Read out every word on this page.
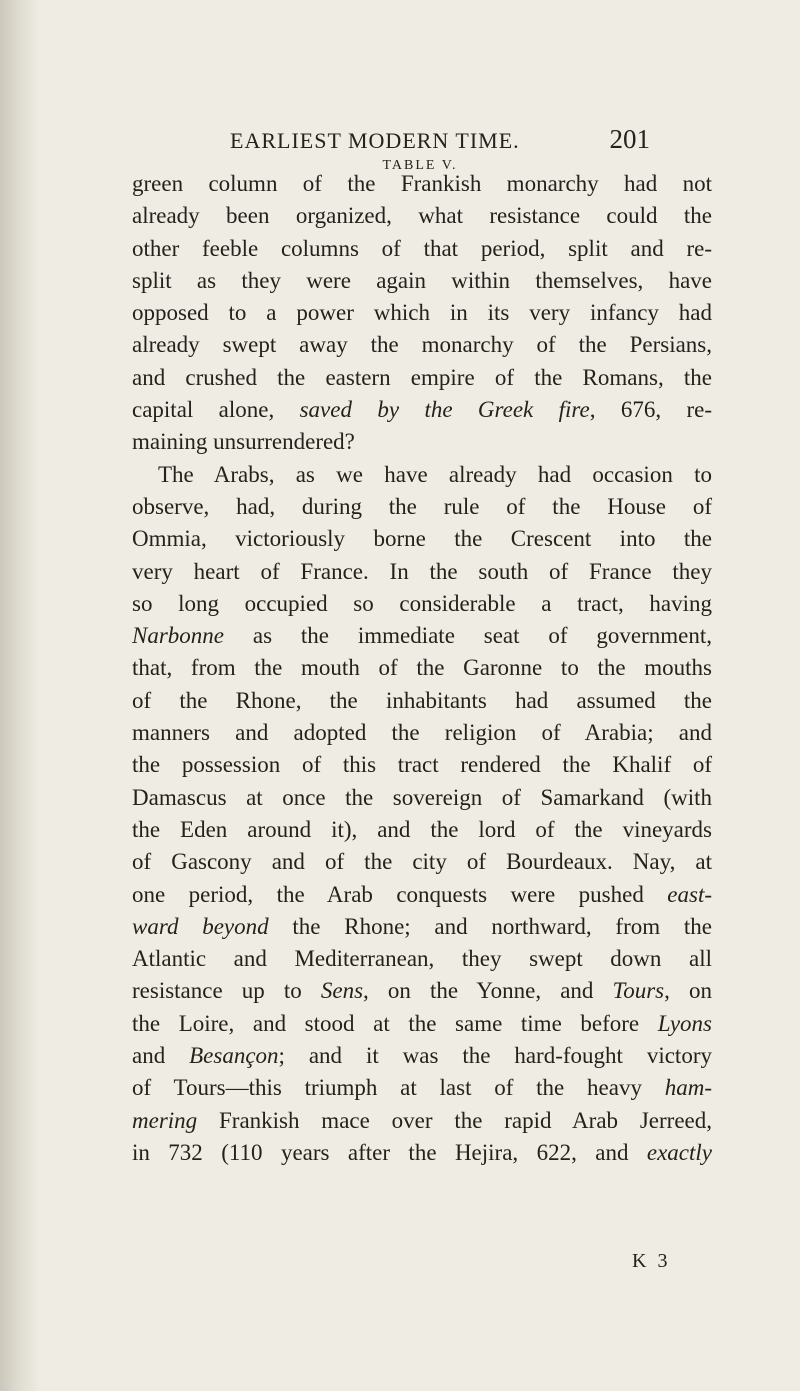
EARLIEST MODERN TIME.	201
TABLE V.
green column of the Frankish monarchy had not
already been organized, what resistance could the
other feeble columns of that period, split and re-
split as they were again within themselves, have
opposed to a power which in its very infancy had
already swept away the monarchy of the Persians,
and crushed the eastern empire of the Romans, the
capital alone, saved by the Greek fire, 676, re-
maining unsurrendered?
The Arabs, as we have already had occasion to
observe, had, during the rule of the House of
Ommia, victoriously borne the Crescent into the
very heart of France. In the south of France they
so long occupied so considerable a tract, having
Narbonne as the immediate seat of government,
that, from the mouth of the Garonne to the mouths
of the Rhone, the inhabitants had assumed the
manners and adopted the religion of Arabia; and
the possession of this tract rendered the Khalif of
Damascus at once the sovereign of Samarkand (with
the Eden around it), and the lord of the vineyards
of Gascony and of the city of Bourdeaux. Nay, at
one period, the Arab conquests were pushed east-
ward beyond the Rhone; and northward, from the
Atlantic and Mediterranean, they swept down all
resistance up to Sens, on the Yonne, and Tours, on
the Loire, and stood at the same time before Lyons
and Besançon; and it was the hard-fought victory
of Tours—this triumph at last of the heavy ham-
mering Frankish mace over the rapid Arab Jerreed,
in 732 (110 years after the Hejira, 622, and exactly
K 3
